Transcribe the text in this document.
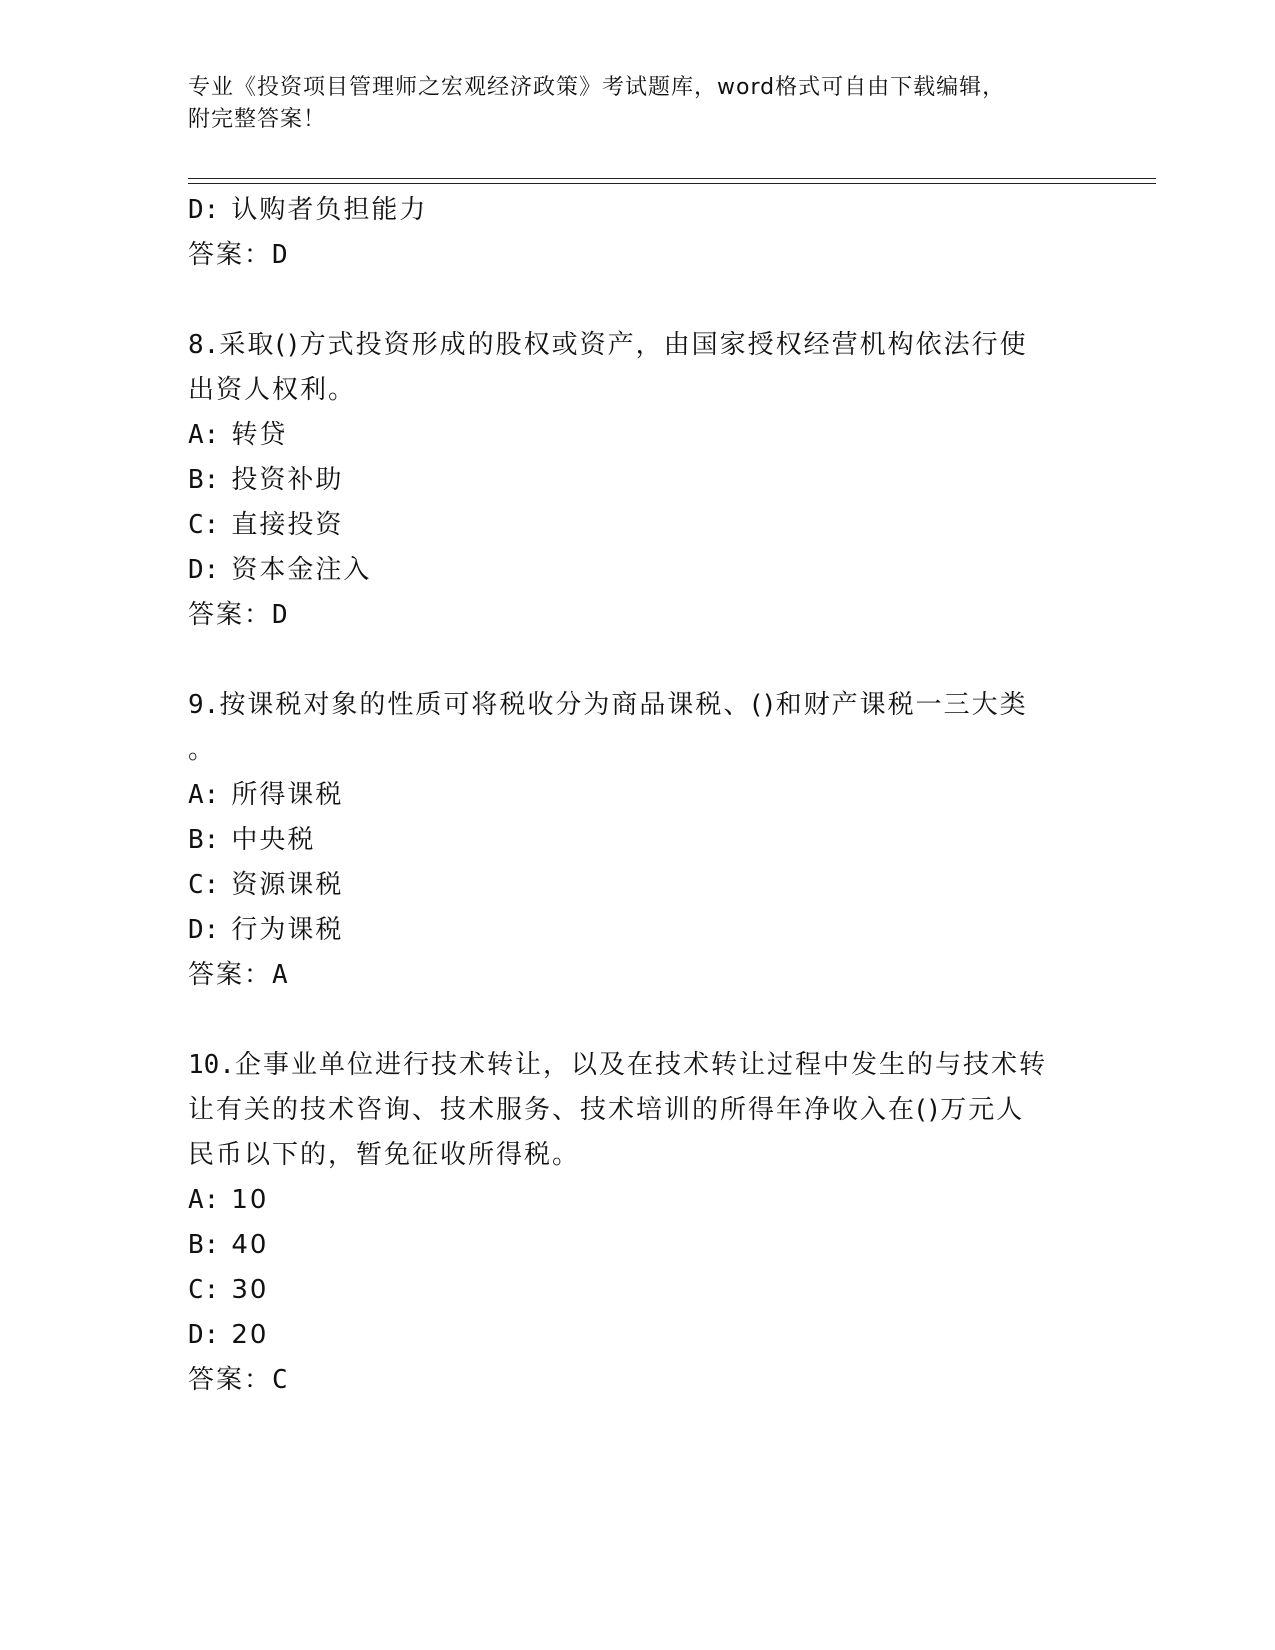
专业《投资项目管理师之宏观经济政策》考试题库，word格式可自由下载编辑，
附完整答案！
D: 认购者负担能力
答案：D
8.采取()方式投资形成的股权或资产，由国家授权经营机构依法行使
出资人权利。
A: 转贷
B: 投资补助
C: 直接投资
D: 资本金注入
答案：D
9.按课税对象的性质可将税收分为商品课税、()和财产课税一三大类
。
A: 所得课税
B: 中央税
C: 资源课税
D: 行为课税
答案：A
10.企事业单位进行技术转让，以及在技术转让过程中发生的与技术转
让有关的技术咨询、技术服务、技术培训的所得年净收入在()万元人
民币以下的，暂免征收所得税。
A: 10
B: 40
C: 30
D: 20
答案：C
